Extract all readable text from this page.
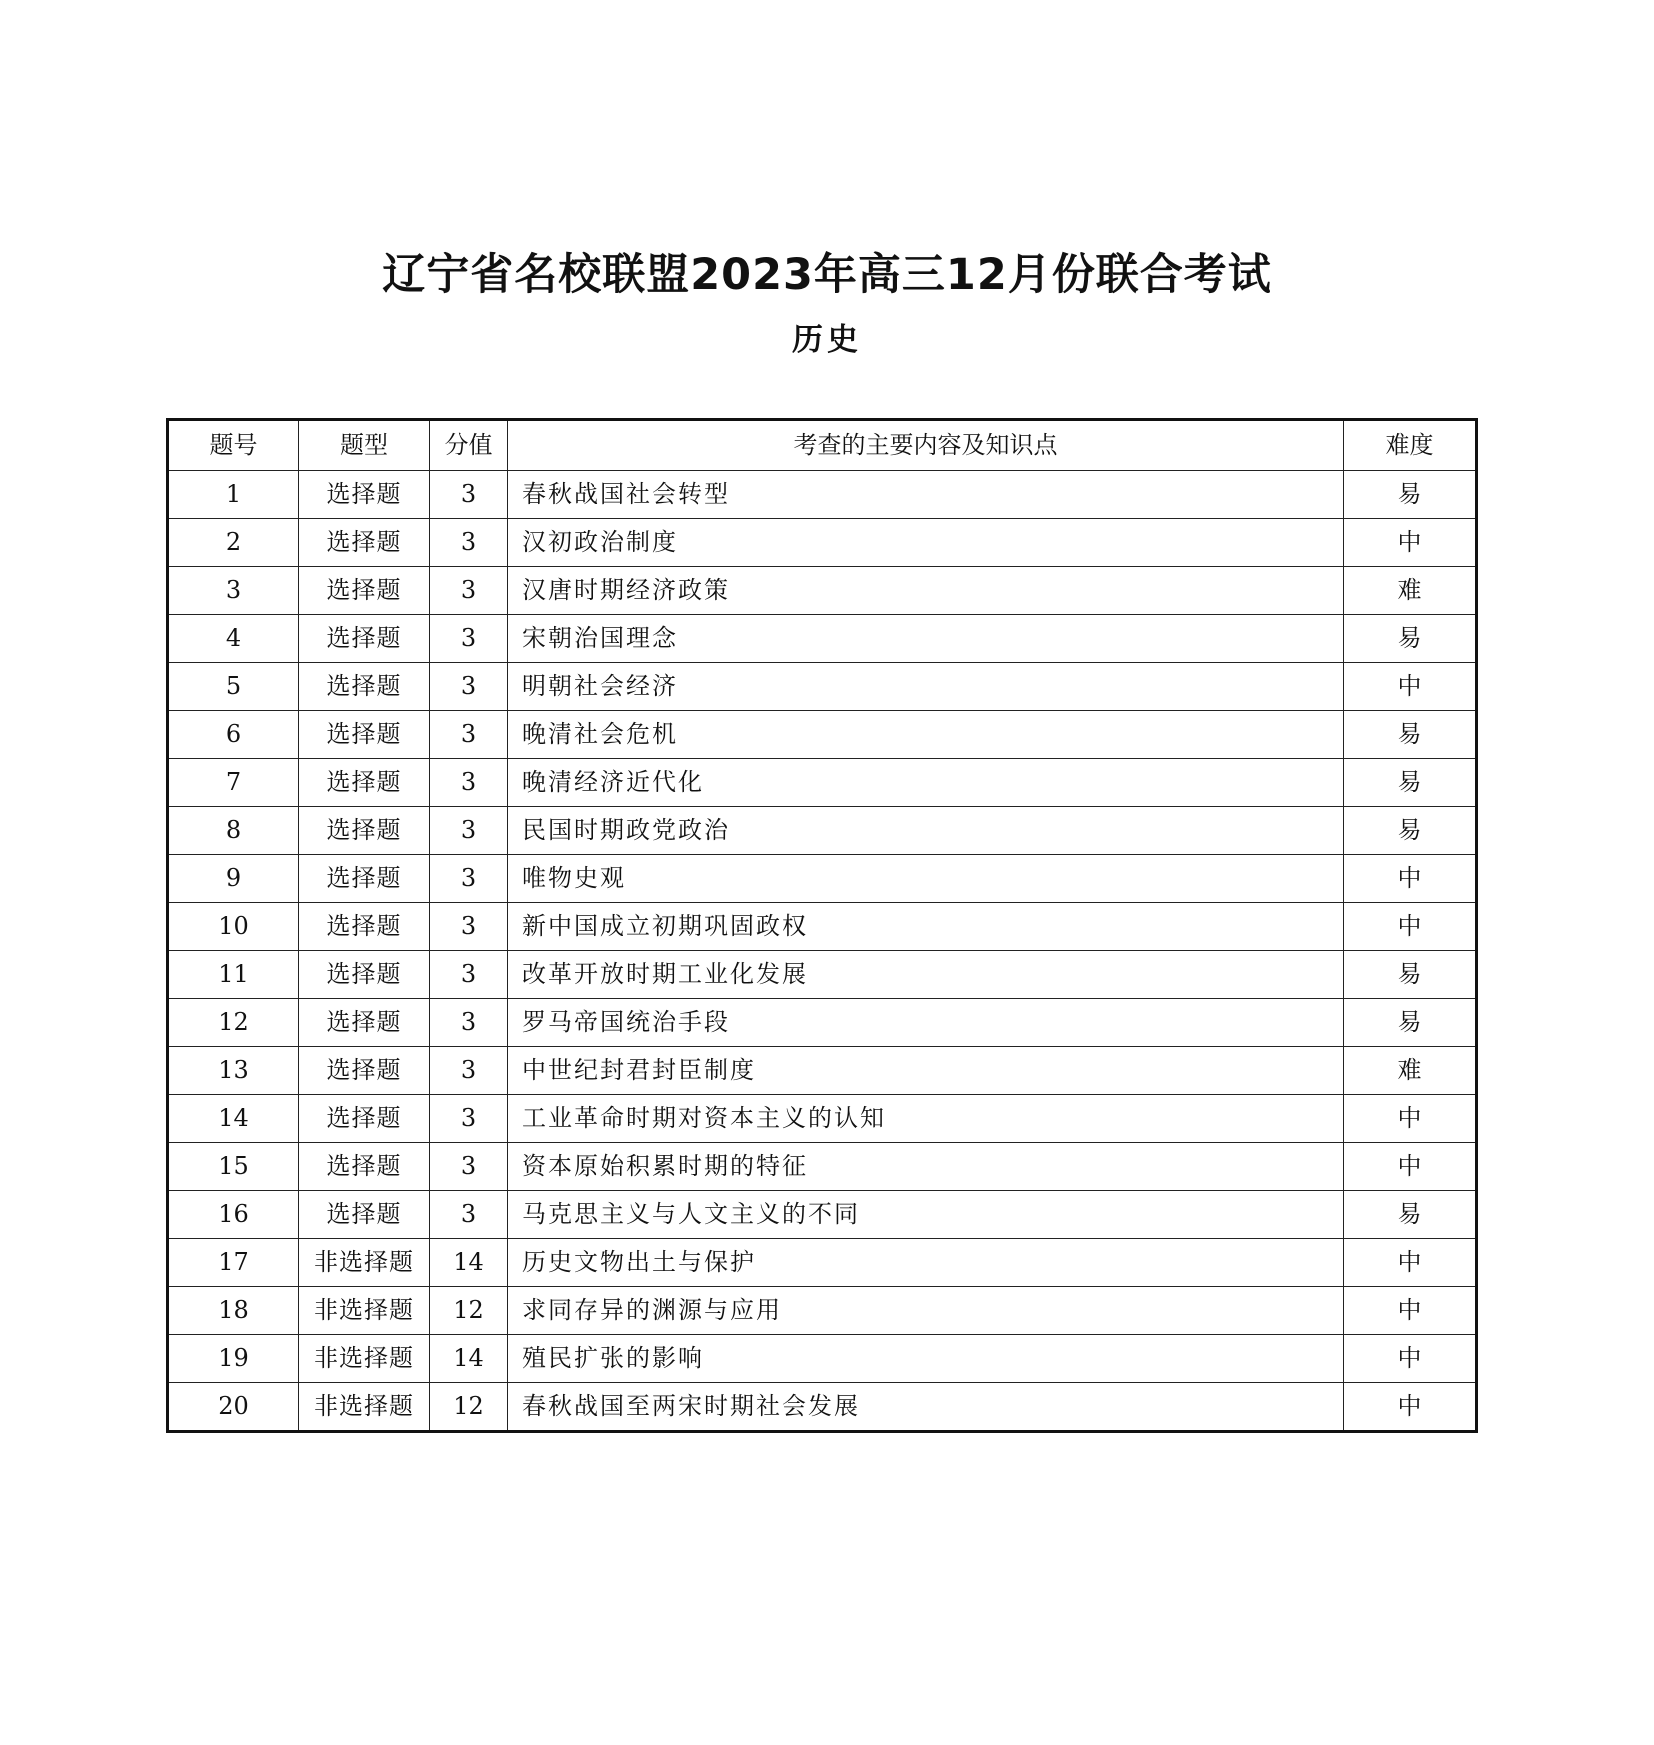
辽宁省名校联盟2023年高三12月份联合考试
历史
题号	题型	分值	考查的主要内容及知识点	难度
1	选择题	3	春秋战国社会转型	易
2	选择题	3	汉初政治制度	中
3	选择题	3	汉唐时期经济政策	难
4	选择题	3	宋朝治国理念	易
5	选择题	3	明朝社会经济	中
6	选择题	3	晚清社会危机	易
7	选择题	3	晚清经济近代化	易
8	选择题	3	民国时期政党政治	易
9	选择题	3	唯物史观	中
10	选择题	3	新中国成立初期巩固政权	中
11	选择题	3	改革开放时期工业化发展	易
12	选择题	3	罗马帝国统治手段	易
13	选择题	3	中世纪封君封臣制度	难
14	选择题	3	工业革命时期对资本主义的认知	中
15	选择题	3	资本原始积累时期的特征	中
16	选择题	3	马克思主义与人文主义的不同	易
17	非选择题	14	历史文物出土与保护	中
18	非选择题	12	求同存异的渊源与应用	中
19	非选择题	14	殖民扩张的影响	中
20	非选择题	12	春秋战国至两宋时期社会发展	中
